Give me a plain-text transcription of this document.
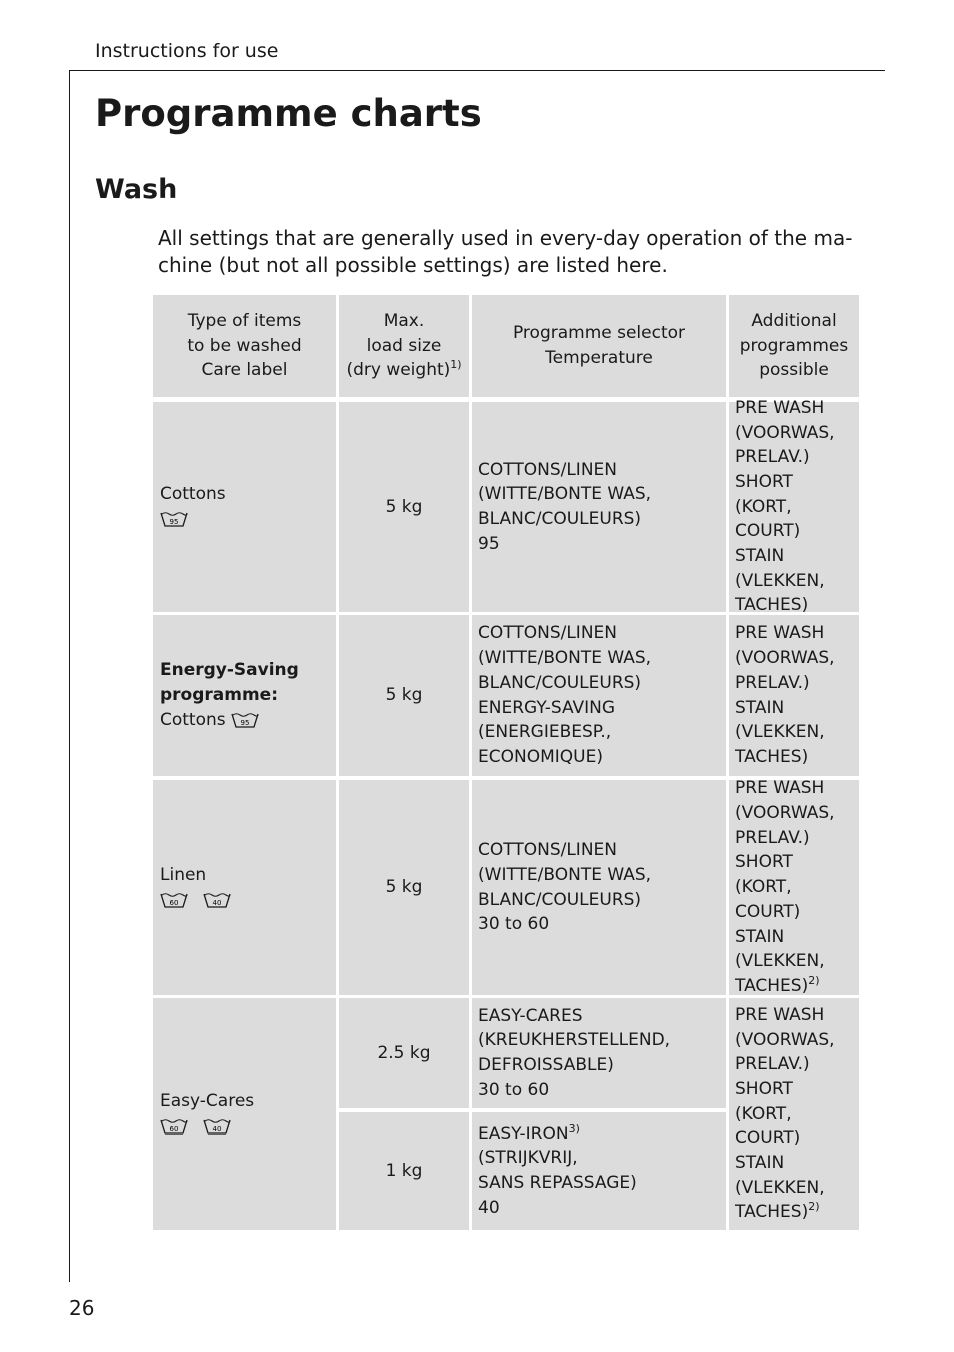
Instructions for use
Programme charts
Wash

All settings that are generally used in every-day operation of the ma-
chine (but not all possible settings) are listed here.

Type of items
to be washed
Care label
Max.
load size
(dry weight)$^{1)}$
Programme selector
Temperature
Additional
programmes
possible
Cottons
95
5 kg
COTTONS/LINEN
(WITTE/BONTE WAS,
BLANC/COULEURS)
95
PRE WASH
(VOORWAS,
PRELAV.)
SHORT
(KORT, COURT)
STAIN
(VLEKKEN,
TACHES)
Energy-Saving
programme:
Cottons 95
5 kg
COTTONS/LINEN
(WITTE/BONTE WAS,
BLANC/COULEURS)
ENERGY-SAVING
(ENERGIEBESP.,
ECONOMIQUE)
PRE WASH
(VOORWAS,
PRELAV.)
STAIN
(VLEKKEN,
TACHES)
Linen
60
	40
5 kg
COTTONS/LINEN
(WITTE/BONTE WAS,
BLANC/COULEURS)
30 to 60
PRE WASH
(VOORWAS,
PRELAV.)
SHORT
(KORT, COURT)
STAIN
(VLEKKEN,
TACHES)$^{2)}$
Easy-Cares
60
	40
2.5 kg
EASY-CARES
(KREUKHERSTELLEND,
DEFROISSABLE)
30 to 60
1 kg
EASY-IRON$^{3)}$
(STRIJKVRIJ,
SANS REPASSAGE)
40
PRE WASH
(VOORWAS,
PRELAV.)
SHORT
(KORT, COURT)
STAIN
(VLEKKEN,
TACHES)$^{2)}$
26
